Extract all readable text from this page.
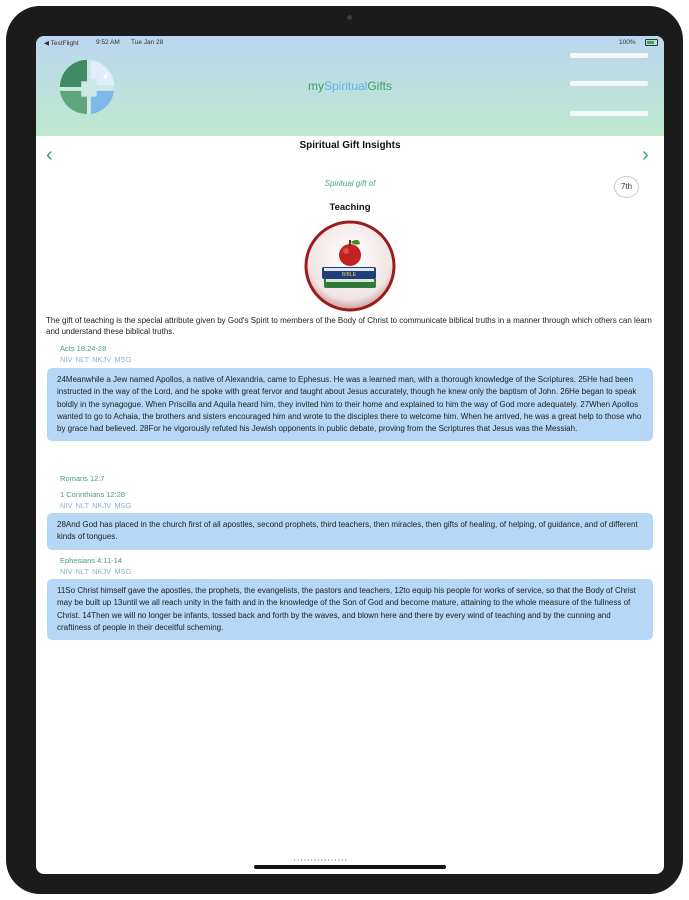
◀ TestFlight	9:52 AM Tue Jan 28	100%
mySpiritualGifts
‹	Spiritual Gift Insights	›
Spiritual gift of	7th
Teaching
BIBLE
The gift of teaching is the special attribute given by God's Spirit to members of the Body of Christ to communicate biblical truths in a manner through which others can learn and understand these biblical truths.
Acts 18:24-28
NIV NLT NKJV MSG
24Meanwhile a Jew named Apollos, a native of Alexandria, came to Ephesus. He was a learned man, with a thorough knowledge of the Scriptures. 25He had been instructed in the way of the Lord, and he spoke with great fervor and taught about Jesus accurately, though he knew only the baptism of John. 26He began to speak boldly in the synagogue. When Priscilla and Aquila heard him, they invited him to their home and explained to him the way of God more adequately. 27When Apollos wanted to go to Achaia, the brothers and sisters encouraged him and wrote to the disciples there to welcome him. When he arrived, he was a great help to those who by grace had believed. 28For he vigorously refuted his Jewish opponents in public debate, proving from the Scriptures that Jesus was the Messiah.
Romans 12:7
1 Corinthians 12:28
NIV NLT NKJV MSG
28And God has placed in the church first of all apostles, second prophets, third teachers, then miracles, then gifts of healing, of helping, of guidance, and of different kinds of tongues.
Ephesians 4:11-14
NIV NLT NKJV MSG
11So Christ himself gave the apostles, the prophets, the evangelists, the pastors and teachers, 12to equip his people for works of service, so that the Body of Christ may be built up 13until we all reach unity in the faith and in the knowledge of the Son of God and become mature, attaining to the whole measure of the fullness of Christ. 14Then we will no longer be infants, tossed back and forth by the waves, and blown here and there by every wind of teaching and by the cunning and craftiness of people in their deceitful scheming.
••••••••••••••••
